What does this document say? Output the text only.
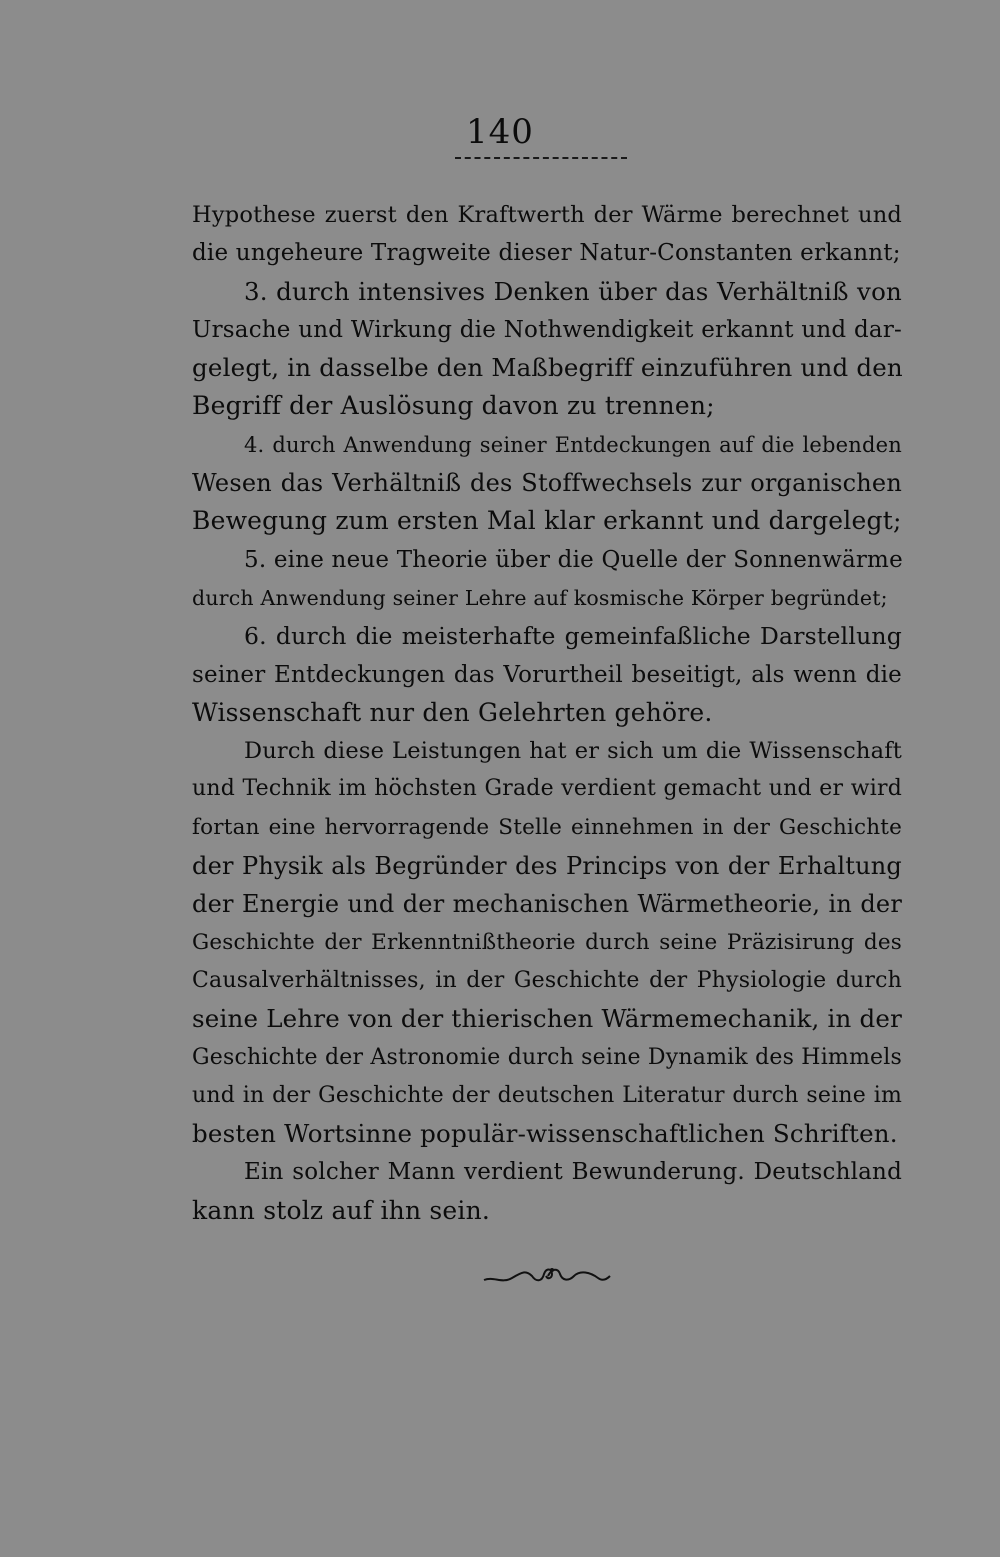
140
Hypothese zuerst den Kraftwerth der Wärme berechnet und
die ungeheure Tragweite dieser Natur-Constanten erkannt;
3. durch intensives Denken über das Verhältniß von
Ursache und Wirkung die Nothwendigkeit erkannt und dar-
gelegt, in dasselbe den Maßbegriff einzuführen und den
Begriff der Auslösung davon zu trennen;
4. durch Anwendung seiner Entdeckungen auf die lebenden
Wesen das Verhältniß des Stoffwechsels zur organischen
Bewegung zum ersten Mal klar erkannt und dargelegt;
5. eine neue Theorie über die Quelle der Sonnenwärme
durch Anwendung seiner Lehre auf kosmische Körper begründet;
6. durch die meisterhafte gemeinfaßliche Darstellung
seiner Entdeckungen das Vorurtheil beseitigt, als wenn die
Wissenschaft nur den Gelehrten gehöre.
Durch diese Leistungen hat er sich um die Wissenschaft
und Technik im höchsten Grade verdient gemacht und er wird
fortan eine hervorragende Stelle einnehmen in der Geschichte
der Physik als Begründer des Princips von der Erhaltung
der Energie und der mechanischen Wärmetheorie, in der
Geschichte der Erkenntnißtheorie durch seine Präzisirung des
Causalverhältnisses, in der Geschichte der Physiologie durch
seine Lehre von der thierischen Wärmemechanik, in der
Geschichte der Astronomie durch seine Dynamik des Himmels
und in der Geschichte der deutschen Literatur durch seine im
besten Wortsinne populär-wissenschaftlichen Schriften.
Ein solcher Mann verdient Bewunderung. Deutschland
kann stolz auf ihn sein.
